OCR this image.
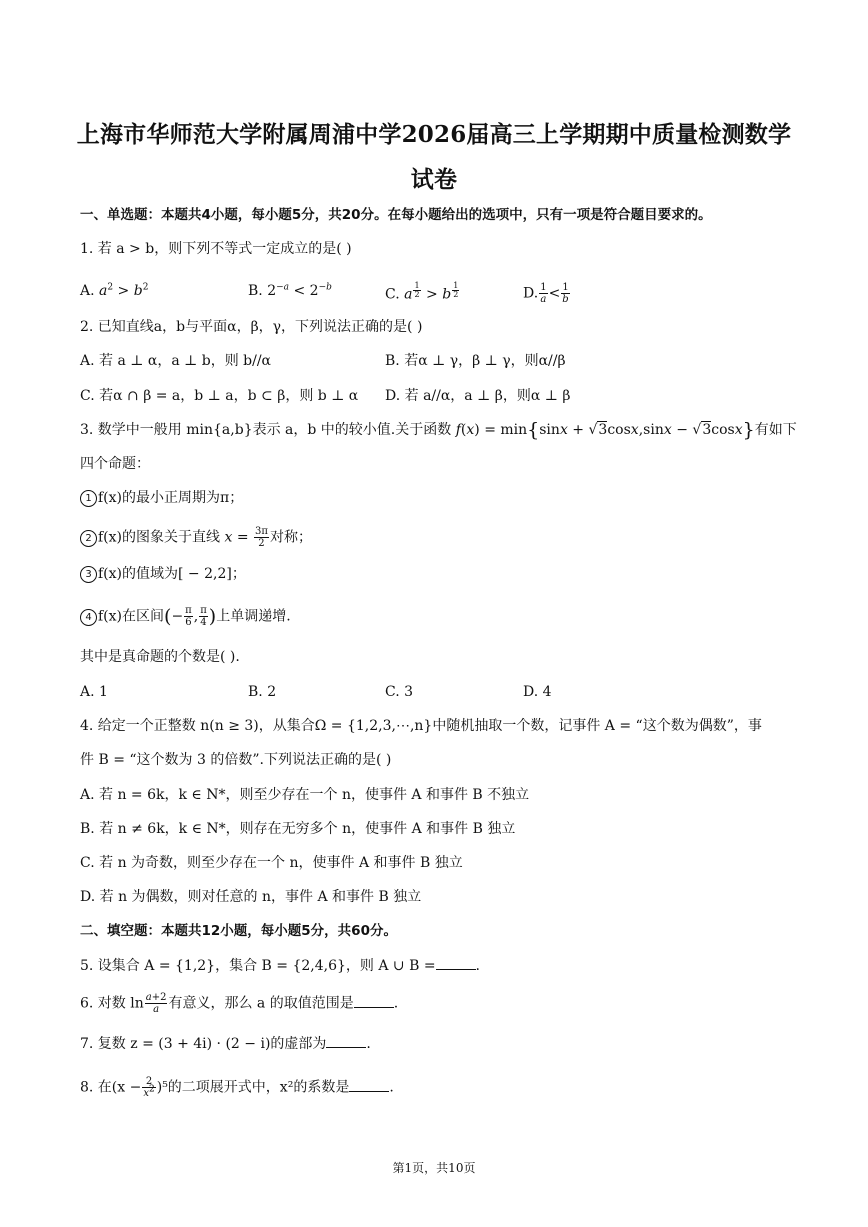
上海市华师范大学附属周浦中学2026届高三上学期期中质量检测数学
试卷
一、单选题：本题共4小题，每小题5分，共20分。在每小题给出的选项中，只有一项是符合题目要求的。
1. 若 a > b，则下列不等式一定成立的是( )
A. $a^2 > b^2$	B. $2^{-a} < 2^{-b}$	C. a $^{\frac{1}{2}}$ > b $^{\frac{1}{2}}$	D. $\frac{1}{a} < \frac{1}{b}$
2. 已知直线a，b与平面α，β，γ，下列说法正确的是( )
A. 若 a ⊥ α，a ⊥ b，则 b//α	B. 若α ⊥ γ，β ⊥ γ，则α//β
C. 若α ∩ β = a，b ⊥ a，b ⊂ β，则 b ⊥ α D. 若 a//α，a ⊥ β，则α ⊥ β
3. 数学中一般用 min{a,b}表示 a，b 中的较小值.关于函数 f(x) = min{sinx + √3cosx,sinx − √3cosx}有如下
四个命题：
1 f(x)的最小正周期为π；
2 f(x)的图象关于直线 $x = \frac{3\pi}{2}$ 对称；
3 f(x)的值域为[ − 2,2]；
4 f(x)在区间(− $\frac{\pi}{6}$ , $\frac{\pi}{4}$ )上单调递增.
其中是真命题的个数是( ).
A. 1	B. 2	C. 3	D. 4
4. 给定一个正整数 n(n ≥ 3)，从集合Ω = {1,2,3,⋯,n}中随机抽取一个数，记事件 A = “这个数为偶数”，事
件 B = “这个数为 3 的倍数”.下列说法正确的是( )
A. 若 n = 6k，k ∈ N*，则至少存在一个 n，使事件 A 和事件 B 不独立
B. 若 n ≠ 6k，k ∈ N*，则存在无穷多个 n，使事件 A 和事件 B 独立
C. 若 n 为奇数，则至少存在一个 n，使事件 A 和事件 B 独立
D. 若 n 为偶数，则对任意的 n，事件 A 和事件 B 独立
二、填空题：本题共12小题，每小题5分，共60分。
5. 设集合 A = {1,2}，集合 B = {2,4,6}，则 A ∪ B =	.
6. 对数 $\ln \frac{a+2}{a}$ 有意义，那么 a 的取值范围是	.
7. 复数 z = (3 + 4i) · (2 − i)的虚部为	.
8. 在$(x - \frac{2}{x^2} )^5$的二项展开式中，x²的系数是	.
第1页，共10页
